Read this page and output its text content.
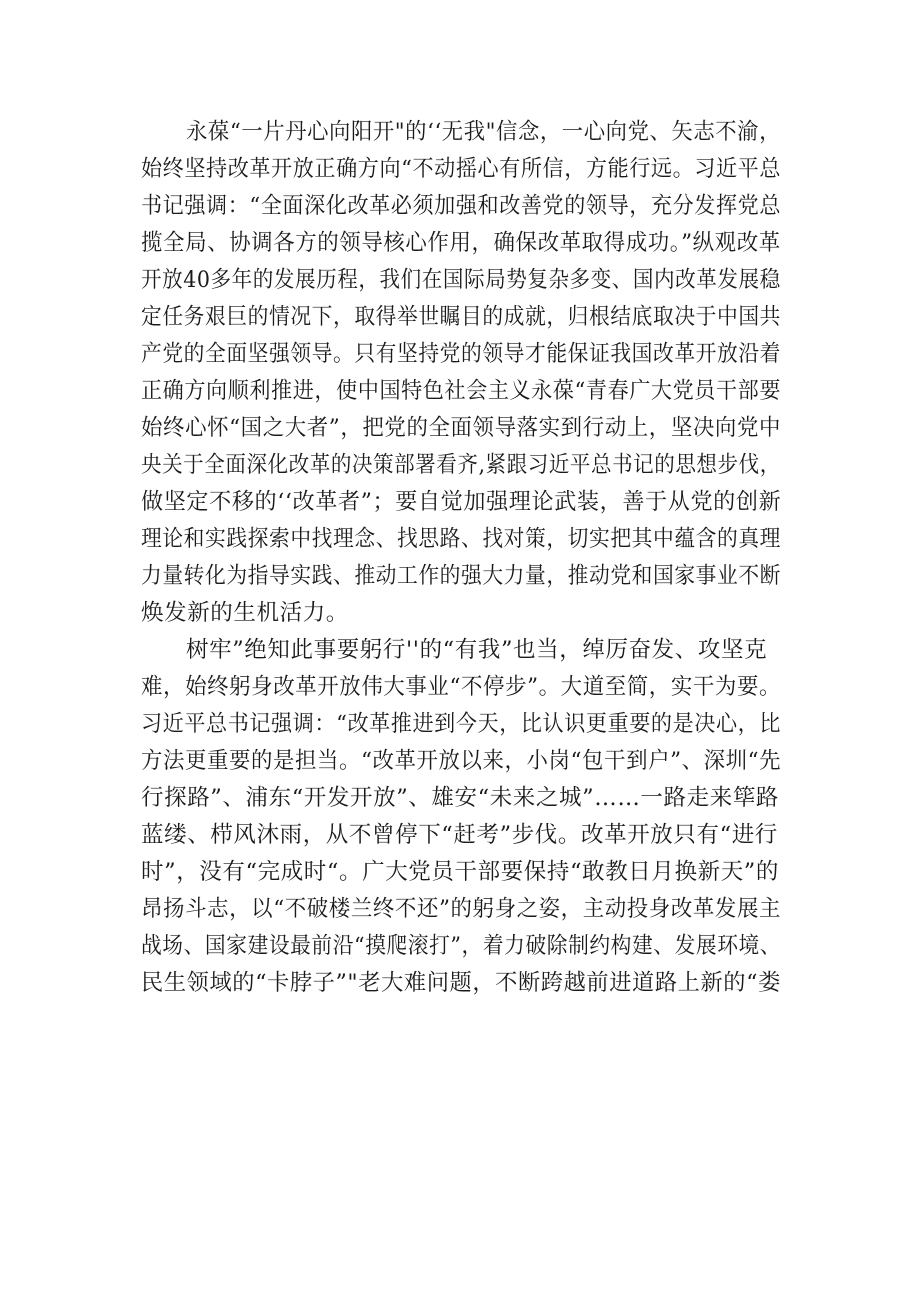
永葆“一片丹心向阳开"的‘‘无我"信念，一心向党、矢志不渝，
始终坚持改革开放正确方向“不动摇心有所信，方能行远。习近平总
书记强调：“全面深化改革必须加强和改善党的领导，充分发挥党总
揽全局、协调各方的领导核心作用，确保改革取得成功。”纵观改革
开放40多年的发展历程，我们在国际局势复杂多变、国内改革发展稳
定任务艰巨的情况下，取得举世瞩目的成就，归根结底取决于中国共
产党的全面坚强领导。只有坚持党的领导才能保证我国改革开放沿着
正确方向顺利推进，使中国特色社会主义永葆“青春广大党员干部要
始终心怀“国之大者”，把党的全面领导落实到行动上，坚决向党中
央关于全面深化改革的决策部署看齐,紧跟习近平总书记的思想步伐，
做坚定不移的‘‘改革者”；要自觉加强理论武装，善于从党的创新
理论和实践探索中找理念、找思路、找对策，切实把其中蕴含的真理
力量转化为指导实践、推动工作的强大力量，推动党和国家事业不断
焕发新的生机活力。
树牢”绝知此事要躬行''的“有我”也当，绰厉奋发、攻坚克
难，始终躬身改革开放伟大事业“不停步”。大道至简，实干为要。
习近平总书记强调：“改革推进到今天，比认识更重要的是决心，比
方法更重要的是担当。“改革开放以来，小岗“包干到户”、深圳“先
行探路”、浦东“开发开放”、雄安“未来之城”……一路走来筚路
蓝缕、栉风沐雨，从不曾停下“赶考”步伐。改革开放只有“进行
时”，没有“完成时“。广大党员干部要保持“敢教日月换新天”的
昂扬斗志，以“不破楼兰终不还”的躬身之姿，主动投身改革发展主
战场、国家建设最前沿“摸爬滚打”，着力破除制约构建、发展环境、
民生领域的“卡脖子”"老大难问题，不断跨越前进道路上新的“娄
